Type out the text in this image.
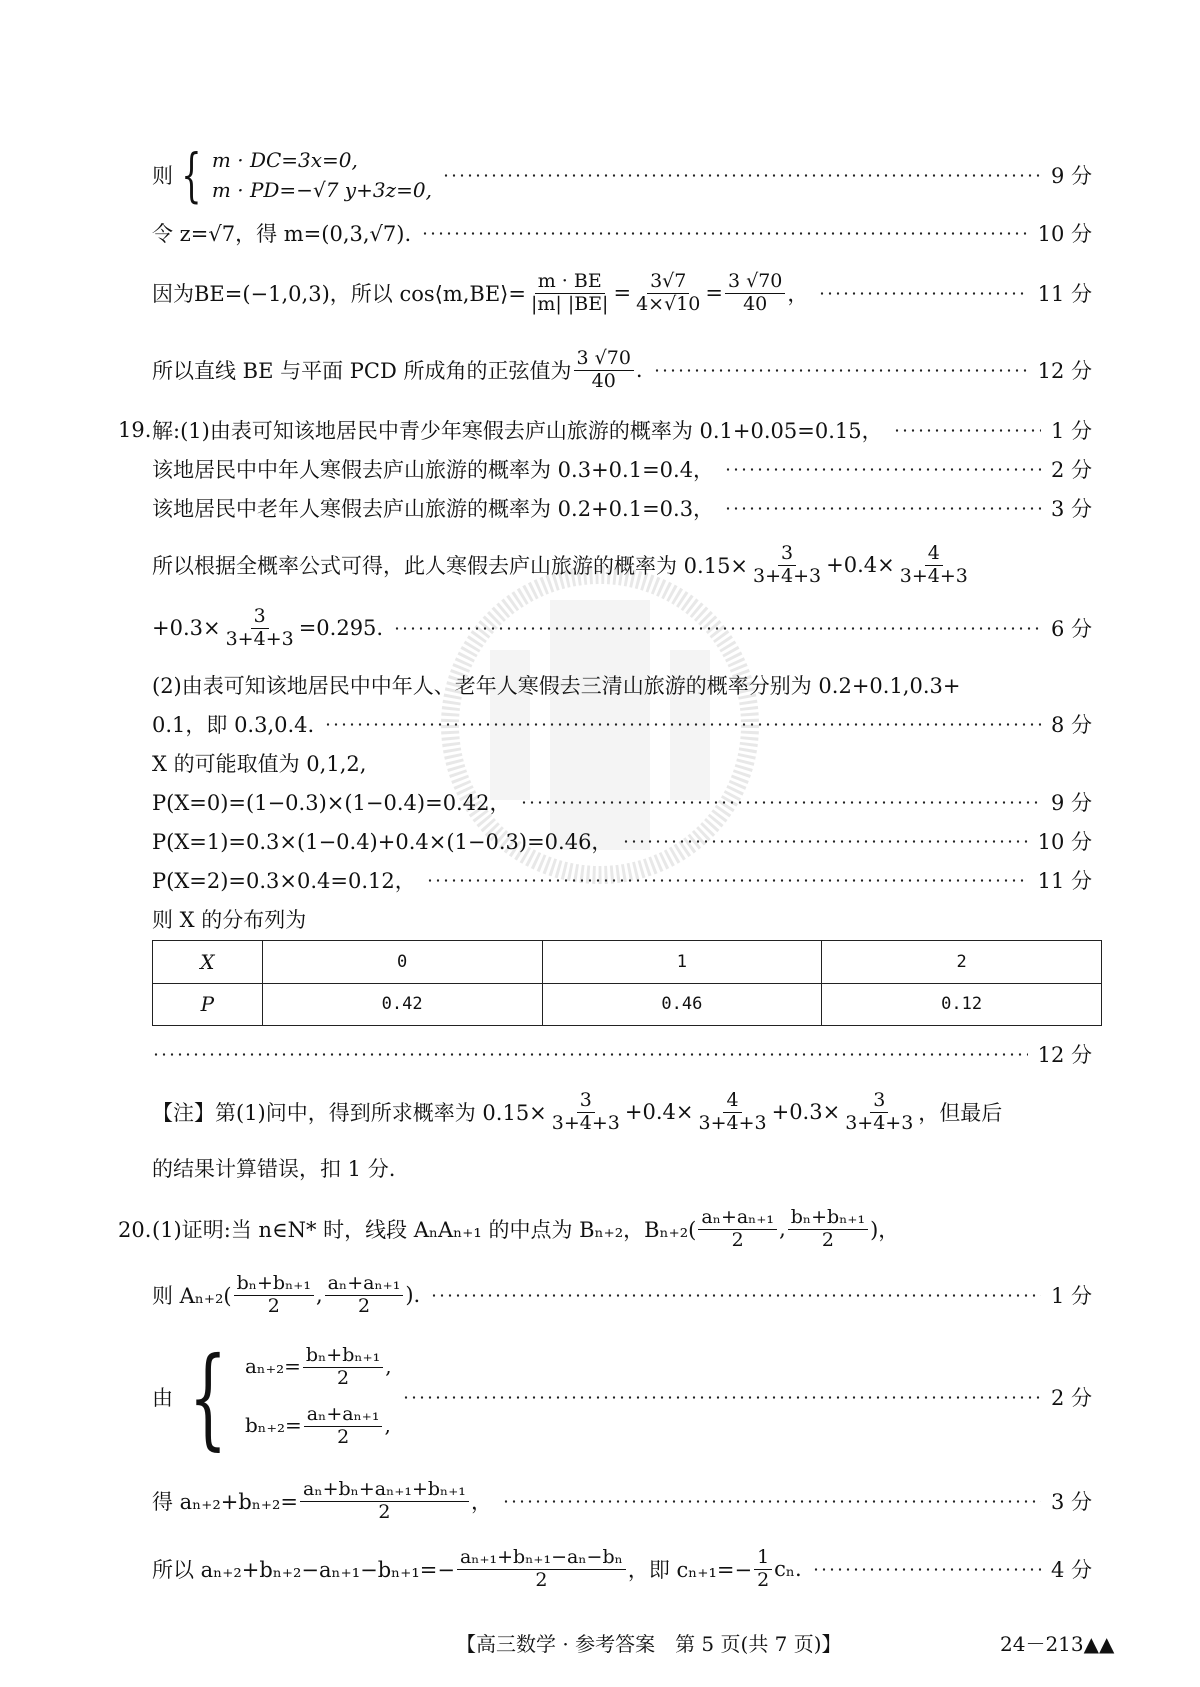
则 { m · DC=3x=0,
m · PD=−√7 y+3z=0,
9 分
令 z=√7，得 m=(0,3,√7).	10 分
因为BE=(−1,0,3)，所以 cos⟨m,BE⟩= $\frac{m \cdot BE}{|m| |BE|} = \frac{3√7}{4\times√10} = \frac{3 √70}{40}$ ，	11 分
所以直线 BE 与平面 PCD 所成角的正弦值为 $\frac{3 √70}{40}$ .	12 分
19. 解:(1)由表可知该地居民中青少年寒假去庐山旅游的概率为 0.1+0.05=0.15，	1 分
该地居民中中年人寒假去庐山旅游的概率为 0.3+0.1=0.4，	2 分
该地居民中老年人寒假去庐山旅游的概率为 0.2+0.1=0.3，	3 分
所以根据全概率公式可得，此人寒假去庐山旅游的概率为 $0.15\times \frac{3}{3+4+3} +0.4\times \frac{4}{3+4+3}$
$+0.3\times \frac{3}{3+4+3} =0.295$.	6 分
(2)由表可知该地居民中中年人、老年人寒假去三清山旅游的概率分别为 0.2+0.1,0.3+
0.1，即 0.3,0.4.	8 分
X 的可能取值为 0,1,2,
P(X=0)=(1−0.3)×(1−0.4)=0.42，	9 分
P(X=1)=0.3×(1−0.4)+0.4×(1−0.3)=0.46，	10 分
P(X=2)=0.3×0.4=0.12，	11 分
则 X 的分布列为
X	0	1	2
P	0.42	0.46	0.12
12 分
【注】第(1)问中，得到所求概率为 $0.15\times \frac{3}{3+4+3} +0.4\times \frac{4}{3+4+3} +0.3\times \frac{3}{3+4+3}$ ，但最后
的结果计算错误，扣 1 分.
20. (1)证明:当 n∈N* 时，线段 AₙAₙ₊₁ 的中点为 Bₙ₊₂，$B_{n+2}( \frac{\text{aₙ+aₙ₊₁}}{2}$ , $\frac{\text{bₙ+bₙ₊₁}}{2}$ )，
则 $A_{n+2}( \frac{\text{bₙ+bₙ₊₁}}{2}$ , $\frac{\text{aₙ+aₙ₊₁}}{2}$ ).	1 分
由 { $a_{n+2}= \frac{\text{bₙ+bₙ₊₁}}{2}$ ,
$b_{n+2}= \frac{\text{aₙ+aₙ₊₁}}{2}$ ,
2 分
得 $a_{n+2}+b_{n+2}= \frac{\text{aₙ+bₙ+aₙ₊₁+bₙ₊₁}}{2}$ ，	3 分
所以 $a_{n+2}+b_{n+2}-a_{n+1}-b_{n+1}=- \frac{\text{aₙ₊₁+bₙ₊₁−aₙ−bₙ}}{2}$ ，即 $c_{n+1}=- \frac{1}{2} c_n$.	4 分
【高三数学 · 参考答案　第 5 页(共 7 页)】	24－213▲▲
